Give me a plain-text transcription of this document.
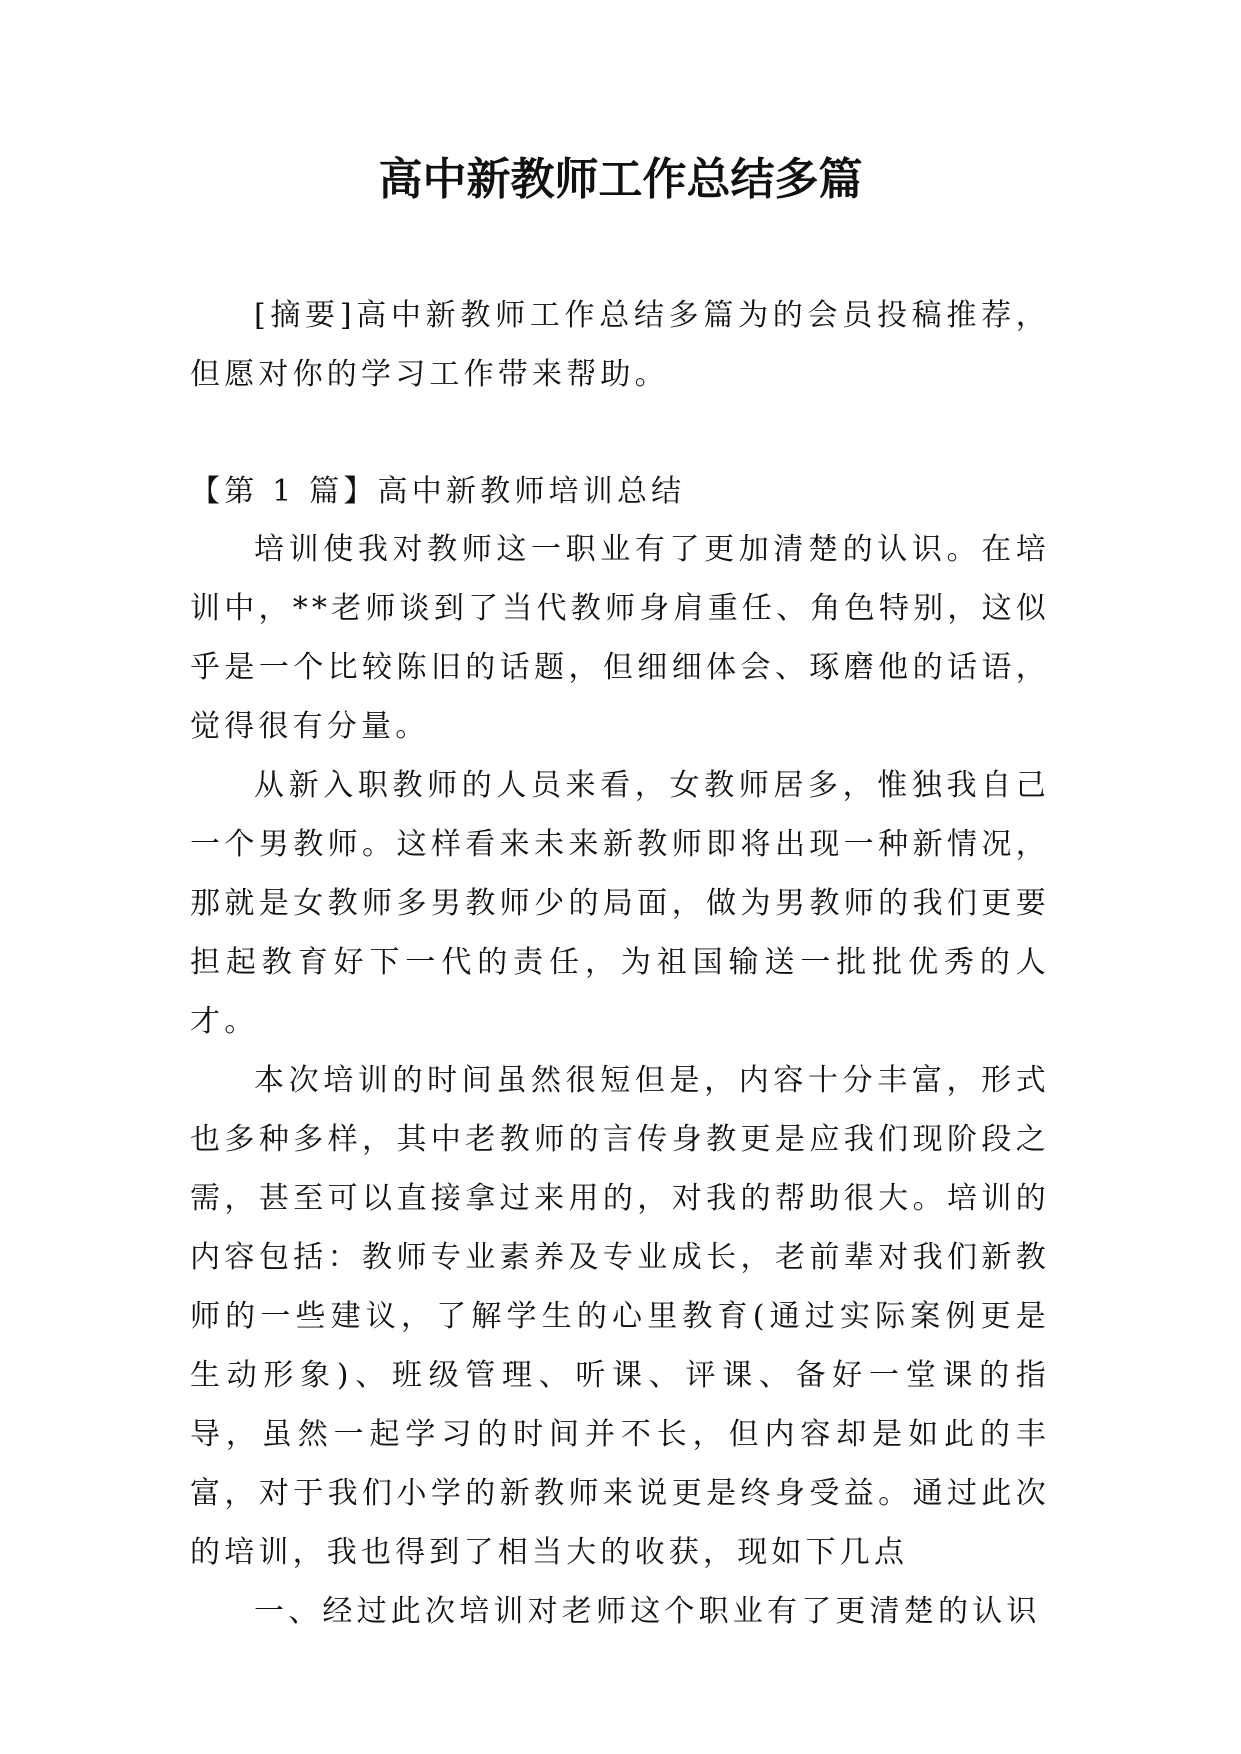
高中新教师工作总结多篇

[摘要]高中新教师工作总结多篇为的会员投稿推荐，但愿对你的学习工作带来帮助。

【第 1 篇】高中新教师培训总结

培训使我对教师这一职业有了更加清楚的认识。在培训中，**老师谈到了当代教师身肩重任、角色特别，这似乎是一个比较陈旧的话题，但细细体会、琢磨他的话语，觉得很有分量。

从新入职教师的人员来看，女教师居多，惟独我自己一个男教师。这样看来未来新教师即将出现一种新情况，那就是女教师多男教师少的局面，做为男教师的我们更要担起教育好下一代的责任，为祖国输送一批批优秀的人才。

本次培训的时间虽然很短但是，内容十分丰富，形式也多种多样，其中老教师的言传身教更是应我们现阶段之需，甚至可以直接拿过来用的，对我的帮助很大。培训的内容包括：教师专业素养及专业成长，老前辈对我们新教师的一些建议，了解学生的心里教育(通过实际案例更是生动形象)、班级管理、听课、评课、备好一堂课的指导，虽然一起学习的时间并不长，但内容却是如此的丰富，对于我们小学的新教师来说更是终身受益。通过此次的培训，我也得到了相当大的收获，现如下几点

一、经过此次培训对老师这个职业有了更清楚的认识
